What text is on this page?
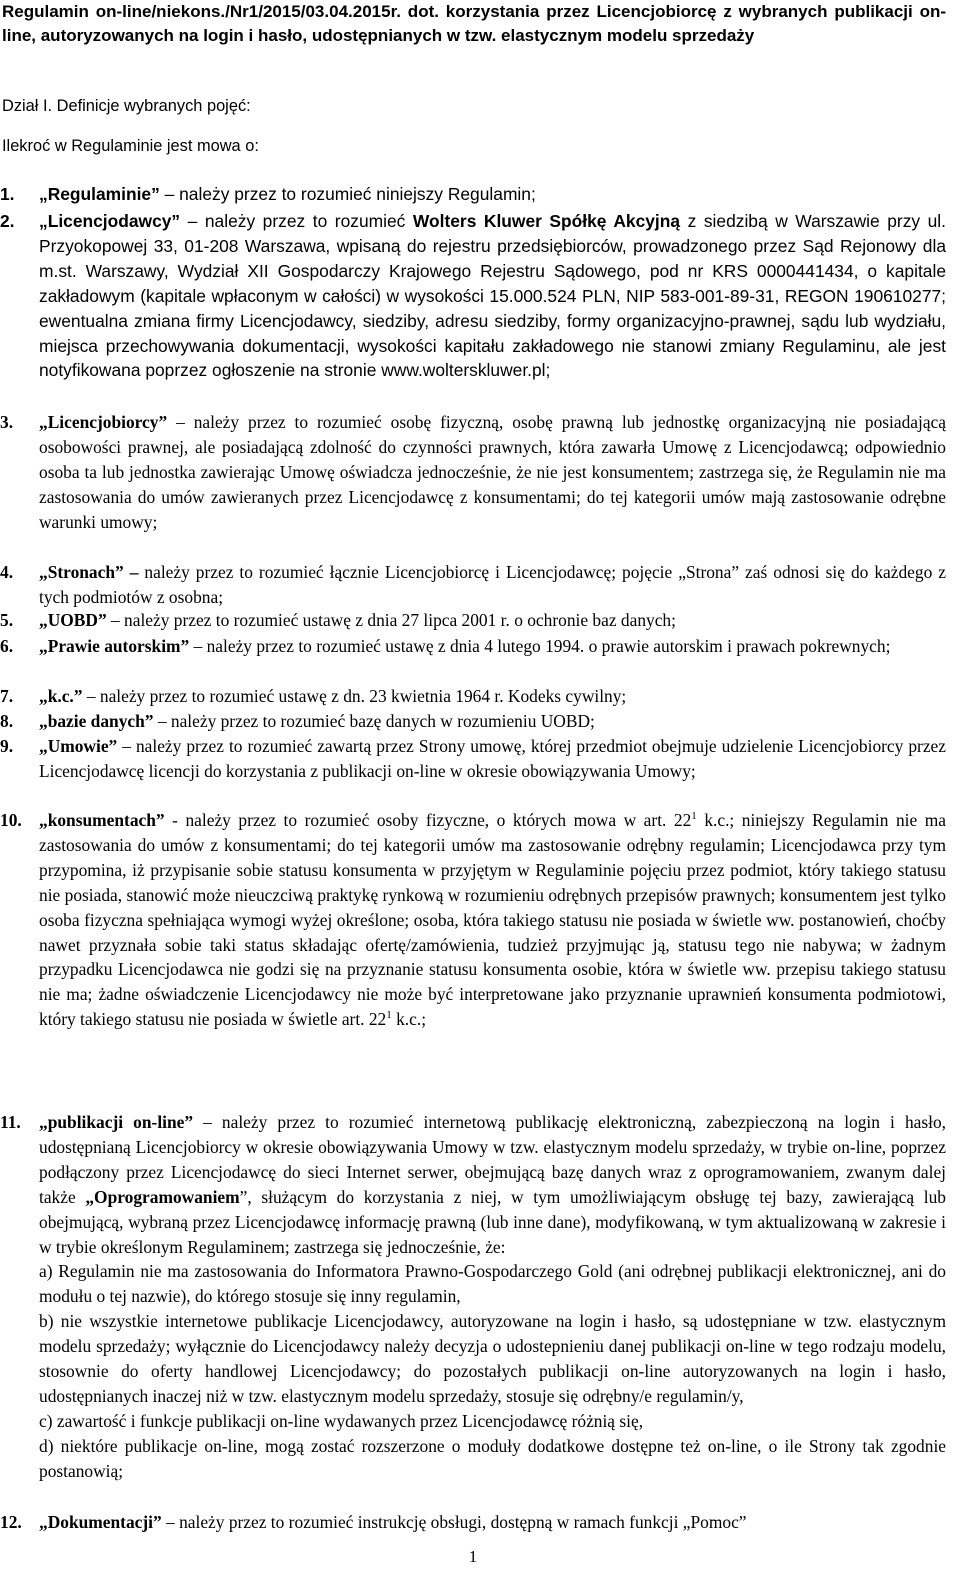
Regulamin on-line/niekons./Nr1/2015/03.04.2015r. dot. korzystania przez Licencjobiorcę z wybranych publikacji on-line, autoryzowanych na login i hasło, udostępnianych w tzw. elastycznym modelu sprzedaży
Dział I. Definicje wybranych pojęć:
Ilekroć w Regulaminie jest mowa o:
1. „Regulaminie” – należy przez to rozumieć niniejszy Regulamin;
2. „Licencjodawcy” – należy przez to rozumieć Wolters Kluwer Spółkę Akcyjną z siedzibą w Warszawie przy ul. Przyokopowej 33, 01-208 Warszawa, wpisaną do rejestru przedsiębiorców, prowadzonego przez Sąd Rejonowy dla m.st. Warszawy, Wydział XII Gospodarczy Krajowego Rejestru Sądowego, pod nr KRS 0000441434, o kapitale zakładowym (kapitale wpłaconym w całości) w wysokości 15.000.524 PLN, NIP 583-001-89-31, REGON 190610277; ewentualna zmiana firmy Licencjodawcy, siedziby, adresu siedziby, formy organizacyjno-prawnej, sądu lub wydziału, miejsca przechowywania dokumentacji, wysokości kapitału zakładowego nie stanowi zmiany Regulaminu, ale jest notyfikowana poprzez ogłoszenie na stronie www.wolterskluwer.pl;
3. „Licencjobiorcy” – należy przez to rozumieć osobę fizyczną, osobę prawną lub jednostkę organizacyjną nie posiadającą osobowości prawnej, ale posiadającą zdolność do czynności prawnych, która zawarła Umowę z Licencjodawcą; odpowiednio osoba ta lub jednostka zawierając Umowę oświadcza jednocześnie, że nie jest konsumentem; zastrzega się, że Regulamin nie ma zastosowania do umów zawieranych przez Licencjodawcę z konsumentami; do tej kategorii umów mają zastosowanie odrębne warunki umowy;
4. „Stronach” – należy przez to rozumieć łącznie Licencjobiorcę i Licencjodawcę; pojęcie „Strona” zaś odnosi się do każdego z tych podmiotów z osobna;
5. „UOBD” – należy przez to rozumieć ustawę z dnia 27 lipca 2001 r. o ochronie baz danych;
6. „Prawie autorskim” – należy przez to rozumieć ustawę z dnia 4 lutego 1994. o prawie autorskim i prawach pokrewnych;
7. „k.c.” – należy przez to rozumieć ustawę z dn. 23 kwietnia 1964 r. Kodeks cywilny;
8. „bazie danych” – należy przez to rozumieć bazę danych w rozumieniu UOBD;
9. „Umowie” – należy przez to rozumieć zawartą przez Strony umowę, której przedmiot obejmuje udzielenie Licencjobiorcy przez Licencjodawcę licencji do korzystania z publikacji on-line w okresie obowiązywania Umowy;
10. „konsumentach” - należy przez to rozumieć osoby fizyczne, o których mowa w art. $22^1$ k.c.; niniejszy Regulamin nie ma zastosowania do umów z konsumentami; do tej kategorii umów ma zastosowanie odrębny regulamin; Licencjodawca przy tym przypomina, iż przypisanie sobie statusu konsumenta w przyjętym w Regulaminie pojęciu przez podmiot, który takiego statusu nie posiada, stanowić może nieuczciwą praktykę rynkową w rozumieniu odrębnych przepisów prawnych; konsumentem jest tylko osoba fizyczna spełniająca wymogi wyżej określone; osoba, która takiego statusu nie posiada w świetle ww. postanowień, choćby nawet przyznała sobie taki status składając ofertę/zamówienia, tudzież przyjmując ją, statusu tego nie nabywa; w żadnym przypadku Licencjodawca nie godzi się na przyznanie statusu konsumenta osobie, która w świetle ww. przepisu takiego statusu nie ma; żadne oświadczenie Licencjodawcy nie może być interpretowane jako przyznanie uprawnień konsumenta podmiotowi, który takiego statusu nie posiada w świetle art. $22^1$ k.c.;
11. „publikacji on-line” – należy przez to rozumieć internetową publikację elektroniczną, zabezpieczoną na login i hasło, udostępnianą Licencjobiorcy w okresie obowiązywania Umowy w tzw. elastycznym modelu sprzedaży, w trybie on-line, poprzez podłączony przez Licencjodawcę do sieci Internet serwer, obejmującą bazę danych wraz z oprogramowaniem, zwanym dalej także „Oprogramowaniem”, służącym do korzystania z niej, w tym umożliwiającym obsługę tej bazy, zawierającą lub obejmującą, wybraną przez Licencjodawcę informację prawną (lub inne dane), modyfikowaną, w tym aktualizowaną w zakresie i w trybie określonym Regulaminem; zastrzega się jednocześnie, że:
a) Regulamin nie ma zastosowania do Informatora Prawno-Gospodarczego Gold (ani odrębnej publikacji elektronicznej, ani do modułu o tej nazwie), do którego stosuje się inny regulamin,
b) nie wszystkie internetowe publikacje Licencjodawcy, autoryzowane na login i hasło, są udostępniane w tzw. elastycznym modelu sprzedaży; wyłącznie do Licencjodawcy należy decyzja o udostepnieniu danej publikacji on-line w tego rodzaju modelu, stosownie do oferty handlowej Licencjodawcy; do pozostałych publikacji on-line autoryzowanych na login i hasło, udostępnianych inaczej niż w tzw. elastycznym modelu sprzedaży, stosuje się odrębny/e regulamin/y,
c) zawartość i funkcje publikacji on-line wydawanych przez Licencjodawcę różnią się,
d) niektóre publikacje on-line, mogą zostać rozszerzone o moduły dodatkowe dostępne też on-line, o ile Strony tak zgodnie postanowią;
12. „Dokumentacji” – należy przez to rozumieć instrukcję obsługi, dostępną w ramach funkcji „Pomoc”
1
